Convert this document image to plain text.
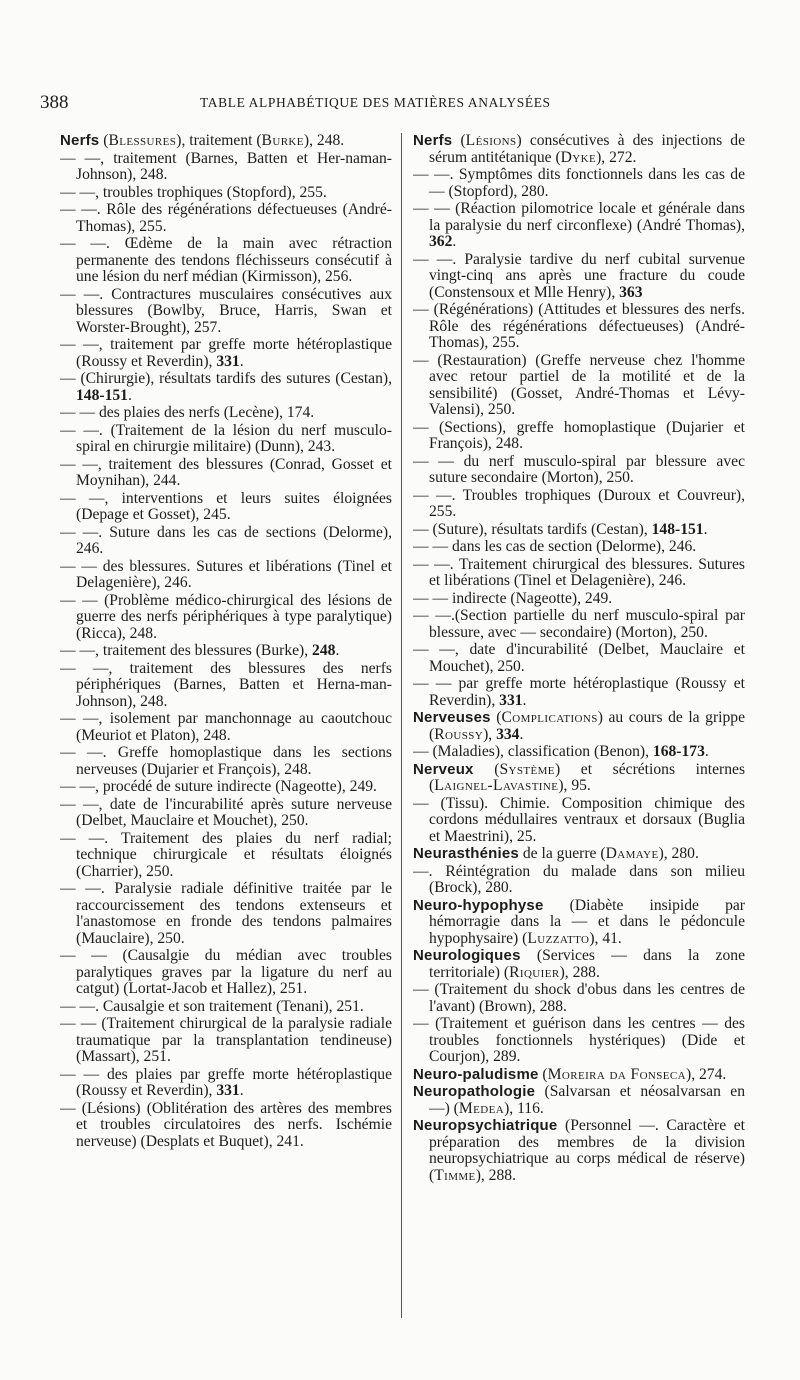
388	TABLE ALPHABÉTIQUE DES MATIÈRES ANALYSÉES

Nerfs (Blessures), traitement (Burke), 248.

— —, traitement (Barnes, Batten et Her-naman-Johnson), 248.

— —, troubles trophiques (Stopford), 255.

— —. Rôle des régénérations défectueuses (André-Thomas), 255.

— —. Œdème de la main avec rétraction permanente des tendons fléchisseurs consécutif à une lésion du nerf médian (Kirmisson), 256.

— —. Contractures musculaires consécutives aux blessures (Bowlby, Bruce, Harris, Swan et Worster-Brought), 257.

— —, traitement par greffe morte hétéroplastique (Roussy et Reverdin), 331.

— (Chirurgie), résultats tardifs des sutures (Cestan), 148-151.

— — des plaies des nerfs (Lecène), 174.

— —. (Traitement de la lésion du nerf musculo-spiral en chirurgie militaire) (Dunn), 243.

— —, traitement des blessures (Conrad, Gosset et Moynihan), 244.

— —, interventions et leurs suites éloignées (Depage et Gosset), 245.

— —. Suture dans les cas de sections (Delorme), 246.

— — des blessures. Sutures et libérations (Tinel et Delagenière), 246.

— — (Problème médico-chirurgical des lésions de guerre des nerfs périphériques à type paralytique) (Ricca), 248.

— —, traitement des blessures (Burke), 248.

— —, traitement des blessures des nerfs périphériques (Barnes, Batten et Herna-man-Johnson), 248.

— —, isolement par manchonnage au caoutchouc (Meuriot et Platon), 248.

— —. Greffe homoplastique dans les sections nerveuses (Dujarier et François), 248.

— —, procédé de suture indirecte (Nageotte), 249.

— —, date de l'incurabilité après suture nerveuse (Delbet, Mauclaire et Mouchet), 250.

— —. Traitement des plaies du nerf radial; technique chirurgicale et résultats éloignés (Charrier), 250.

— —. Paralysie radiale définitive traitée par le raccourcissement des tendons extenseurs et l'anastomose en fronde des tendons palmaires (Mauclaire), 250.

— — (Causalgie du médian avec troubles paralytiques graves par la ligature du nerf au catgut) (Lortat-Jacob et Hallez), 251.

— —. Causalgie et son traitement (Tenani), 251.

— — (Traitement chirurgical de la paralysie radiale traumatique par la transplantation tendineuse) (Massart), 251.

— — des plaies par greffe morte hétéroplastique (Roussy et Reverdin), 331.

— (Lésions) (Oblitération des artères des membres et troubles circulatoires des nerfs. Ischémie nerveuse) (Desplats et Buquet), 241.

Nerfs (Lésions) consécutives à des injections de sérum antitétanique (Dyke), 272.

— —. Symptômes dits fonctionnels dans les cas de — (Stopford), 280.

— — (Réaction pilomotrice locale et générale dans la paralysie du nerf circonflexe) (André Thomas), 362.

— —. Paralysie tardive du nerf cubital survenue vingt-cinq ans après une fracture du coude (Constensoux et Mlle Henry), 363

— (Régénérations) (Attitudes et blessures des nerfs. Rôle des régénérations défectueuses) (André-Thomas), 255.

— (Restauration) (Greffe nerveuse chez l'homme avec retour partiel de la motilité et de la sensibilité) (Gosset, André-Thomas et Lévy-Valensi), 250.

— (Sections), greffe homoplastique (Dujarier et François), 248.

— — du nerf musculo-spiral par blessure avec suture secondaire (Morton), 250.

— —. Troubles trophiques (Duroux et Couvreur), 255.

— (Suture), résultats tardifs (Cestan), 148-151.

— — dans les cas de section (Delorme), 246.

— —. Traitement chirurgical des blessures. Sutures et libérations (Tinel et Delagenière), 246.

— — indirecte (Nageotte), 249.

— —.(Section partielle du nerf musculo-spiral par blessure, avec — secondaire) (Morton), 250.

— —, date d'incurabilité (Delbet, Mauclaire et Mouchet), 250.

— — par greffe morte hétéroplastique (Roussy et Reverdin), 331.

Nerveuses (Complications) au cours de la grippe (Roussy), 334.

— (Maladies), classification (Benon), 168-173.

Nerveux (Système) et sécrétions internes (Laignel-Lavastine), 95.

— (Tissu). Chimie. Composition chimique des cordons médullaires ventraux et dorsaux (Buglia et Maestrini), 25.

Neurasthénies de la guerre (Damaye), 280.

—. Réintégration du malade dans son milieu (Brock), 280.

Neuro-hypophyse (Diabète insipide par hémorragie dans la — et dans le pédoncule hypophysaire) (Luzzatto), 41.

Neurologiques (Services — dans la zone territoriale) (Riquier), 288.

— (Traitement du shock d'obus dans les centres de l'avant) (Brown), 288.

— (Traitement et guérison dans les centres — des troubles fonctionnels hystériques) (Dide et Courjon), 289.

Neuro-paludisme (Moreira da Fonseca), 274.

Neuropathologie (Salvarsan et néosalvarsan en —) (Medea), 116.

Neuropsychiatrique (Personnel —. Caractère et préparation des membres de la division neuropsychiatrique au corps médical de réserve) (Timme), 288.
